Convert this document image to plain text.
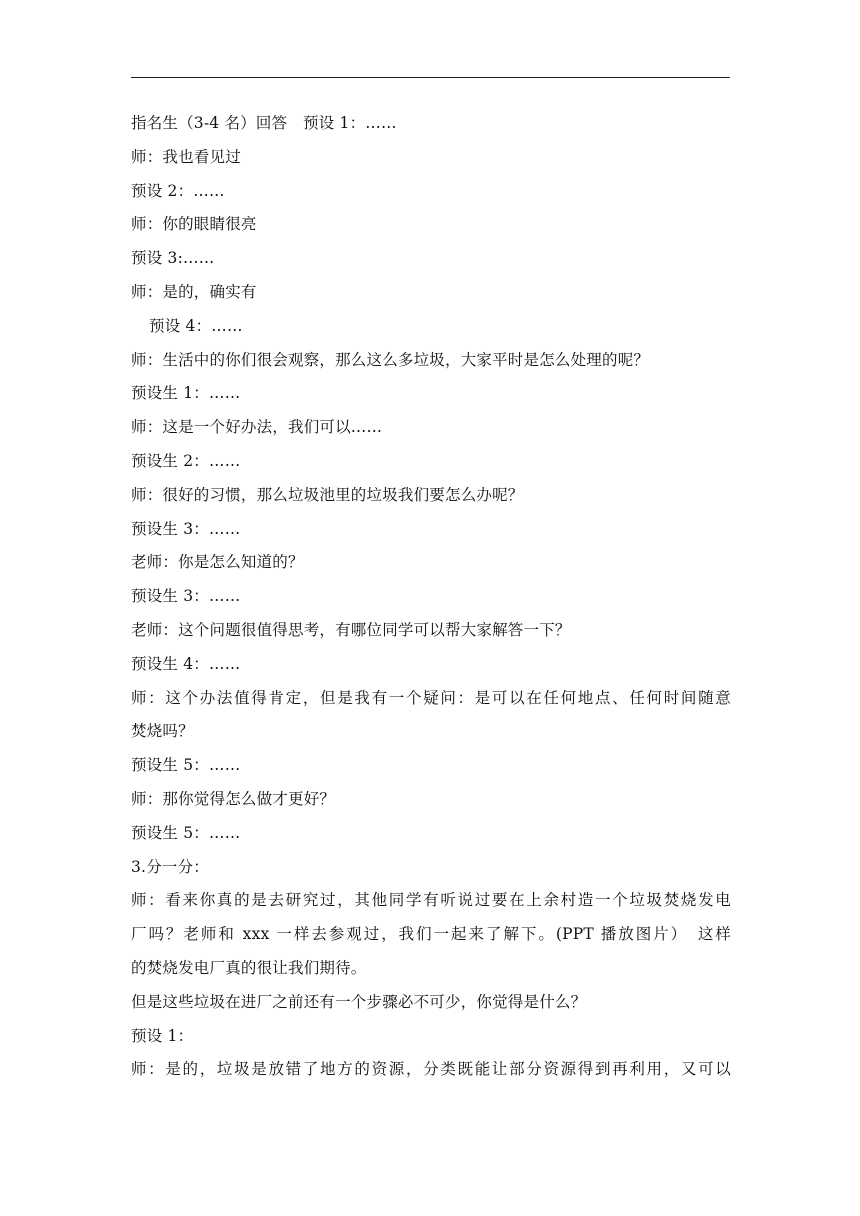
指名生（3-4 名）回答　预设 1：……
师：我也看见过
预设 2：……
师：你的眼睛很亮
预设 3:……
师：是的，确实有
预设 4：……
师：生活中的你们很会观察，那么这么多垃圾，大家平时是怎么处理的呢？
预设生 1：……
师：这是一个好办法，我们可以……
预设生 2：……
师：很好的习惯，那么垃圾池里的垃圾我们要怎么办呢？
预设生 3：……
老师：你是怎么知道的？
预设生 3：……
老师：这个问题很值得思考，有哪位同学可以帮大家解答一下？
预设生 4：……
师：这个办法值得肯定，但是我有一个疑问：是可以在任何地点、任何时间随意
焚烧吗？
预设生 5：……
师：那你觉得怎么做才更好？
预设生 5：……
3.分一分：
师：看来你真的是去研究过，其他同学有听说过要在上余村造一个垃圾焚烧发电
厂吗？老师和 xxx 一样去参观过，我们一起来了解下。(PPT 播放图片）　这样
的焚烧发电厂真的很让我们期待。
但是这些垃圾在进厂之前还有一个步骤必不可少，你觉得是什么？
预设 1：
师：是的，垃圾是放错了地方的资源，分类既能让部分资源得到再利用，又可以
